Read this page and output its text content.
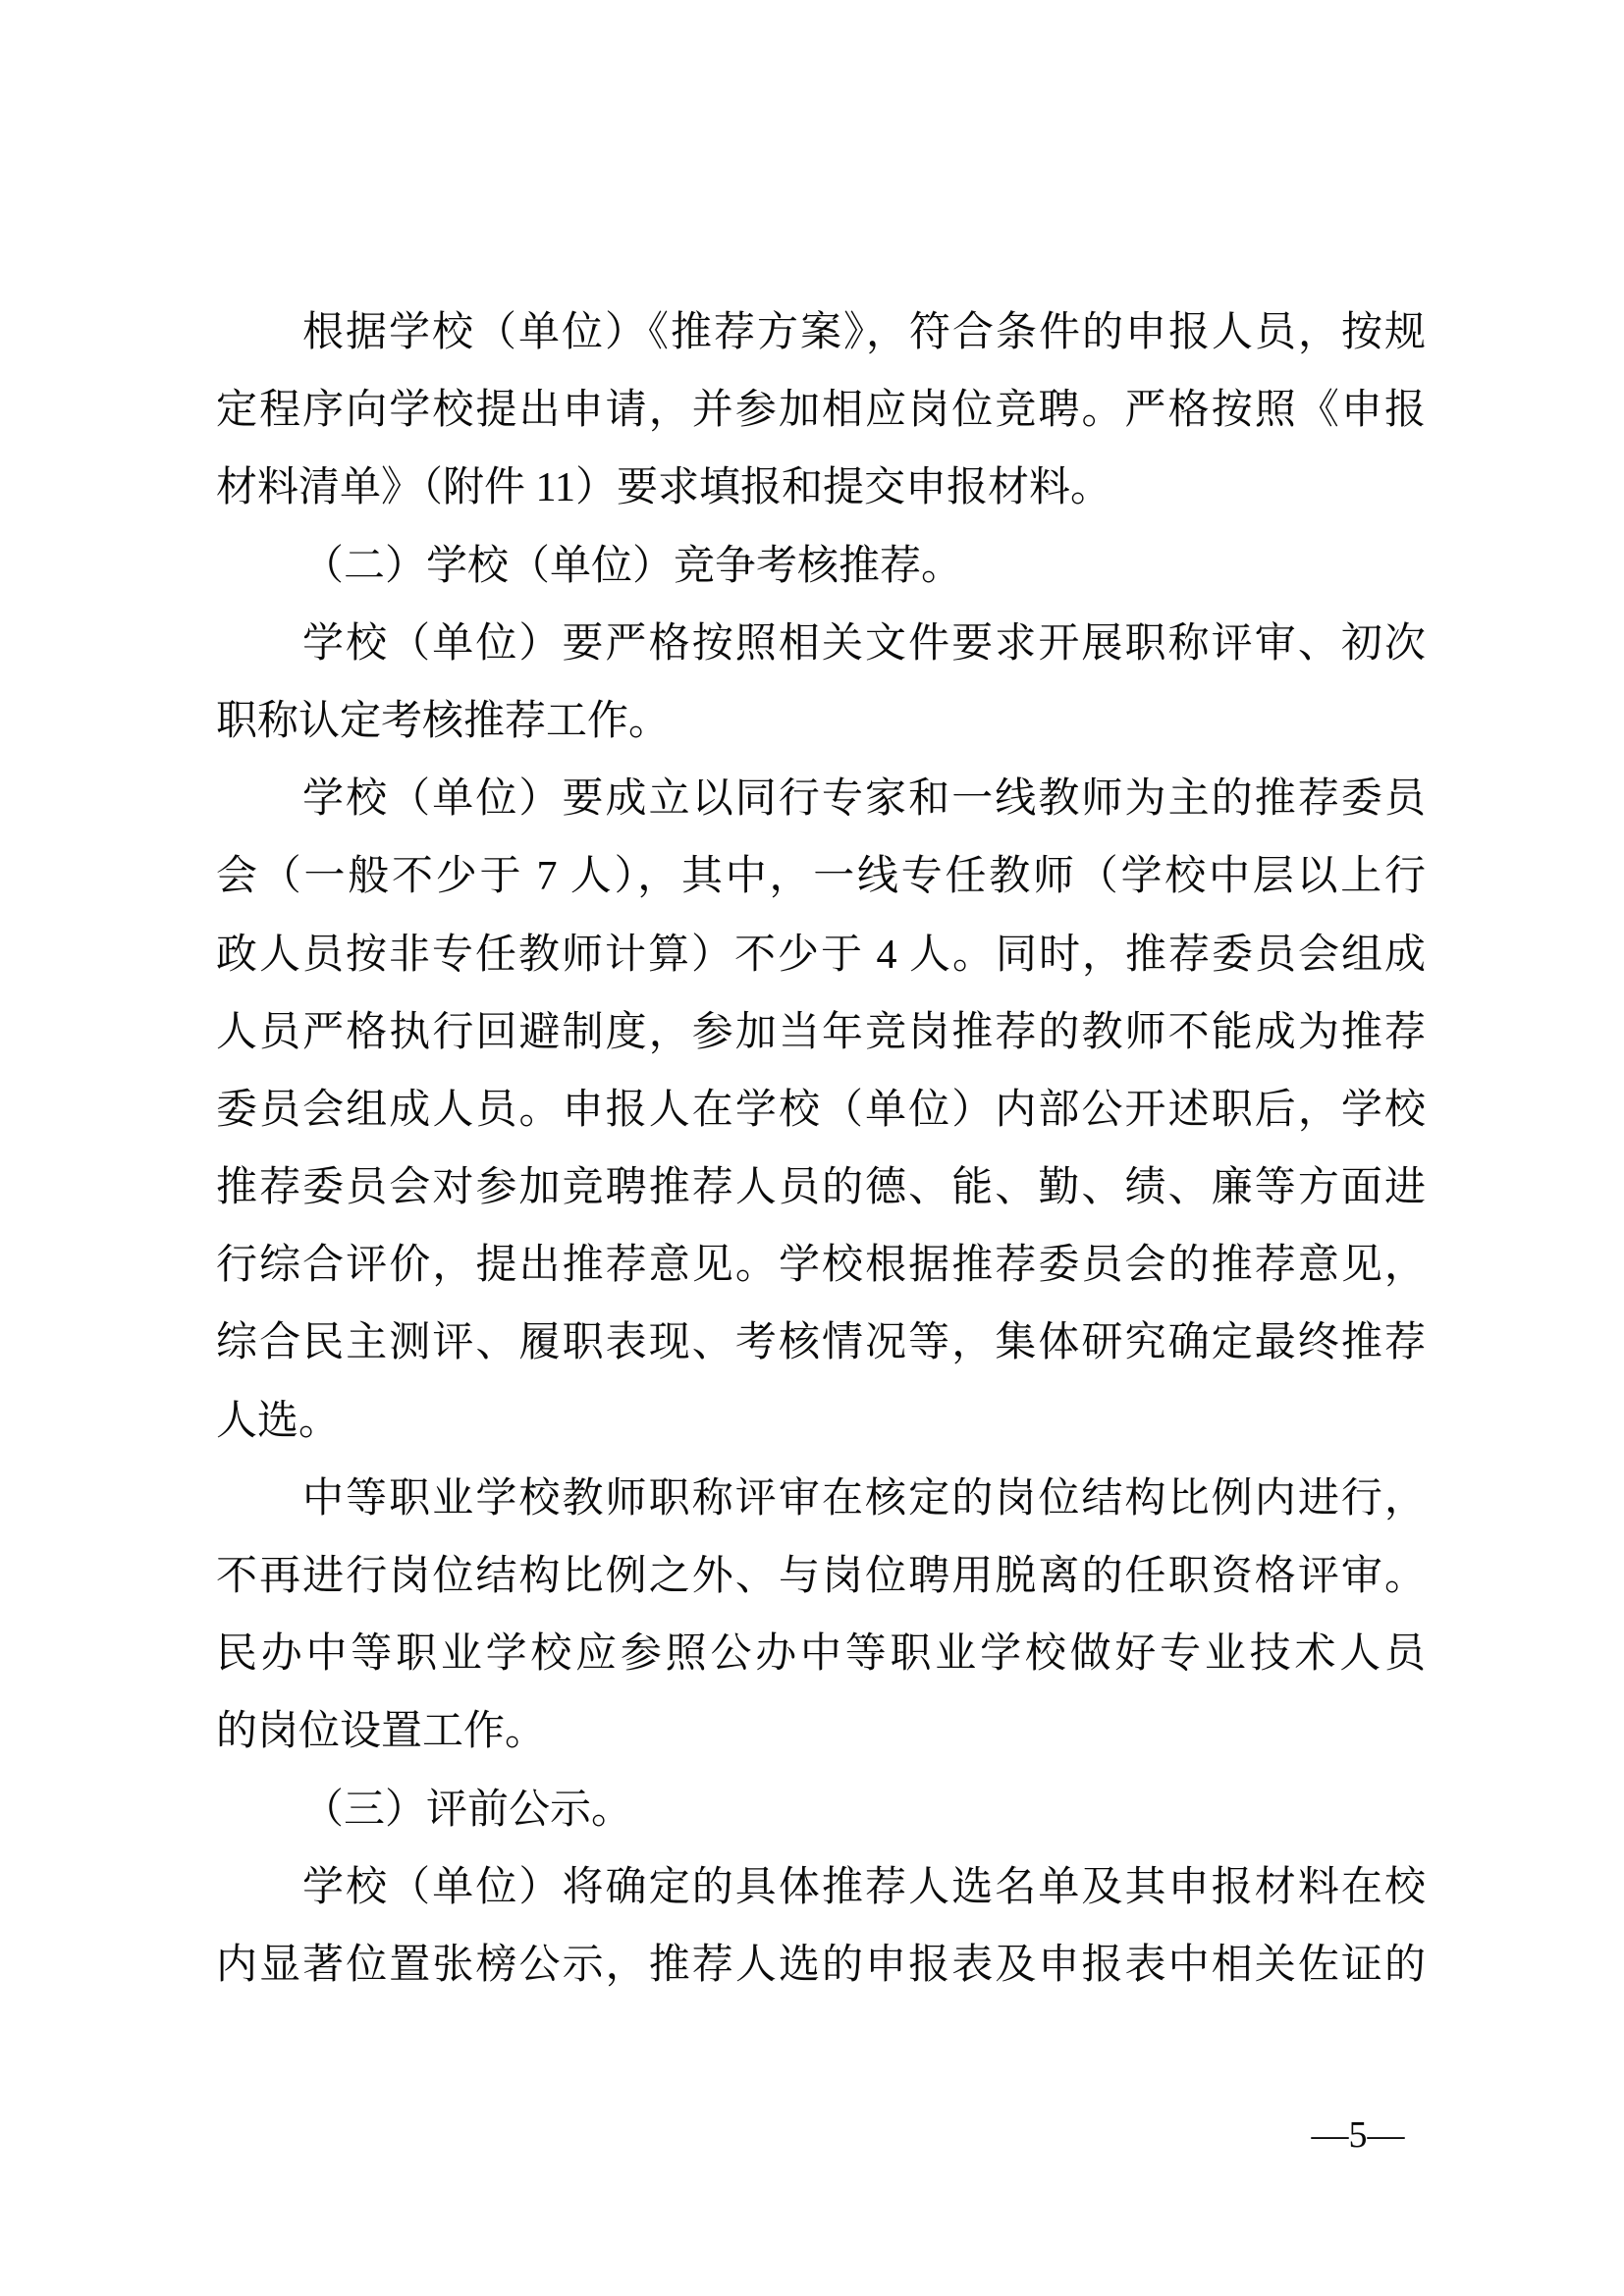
根据学校（单位）《推荐方案》，符合条件的申报人员，按规
定程序向学校提出申请，并参加相应岗位竞聘。严格按照《申报
材料清单》（附件 11）要求填报和提交申报材料。
（二）学校（单位）竞争考核推荐。
学校（单位）要严格按照相关文件要求开展职称评审、初次
职称认定考核推荐工作。
学校（单位）要成立以同行专家和一线教师为主的推荐委员
会（一般不少于 7 人），其中，一线专任教师（学校中层以上行
政人员按非专任教师计算）不少于 4 人。同时，推荐委员会组成
人员严格执行回避制度，参加当年竞岗推荐的教师不能成为推荐
委员会组成人员。申报人在学校（单位）内部公开述职后，学校
推荐委员会对参加竞聘推荐人员的德、能、勤、绩、廉等方面进
行综合评价，提出推荐意见。学校根据推荐委员会的推荐意见，
综合民主测评、履职表现、考核情况等，集体研究确定最终推荐
人选。
中等职业学校教师职称评审在核定的岗位结构比例内进行，
不再进行岗位结构比例之外、与岗位聘用脱离的任职资格评审。
民办中等职业学校应参照公办中等职业学校做好专业技术人员
的岗位设置工作。
（三）评前公示。
学校（单位）将确定的具体推荐人选名单及其申报材料在校
内显著位置张榜公示，推荐人选的申报表及申报表中相关佐证的
—5—
